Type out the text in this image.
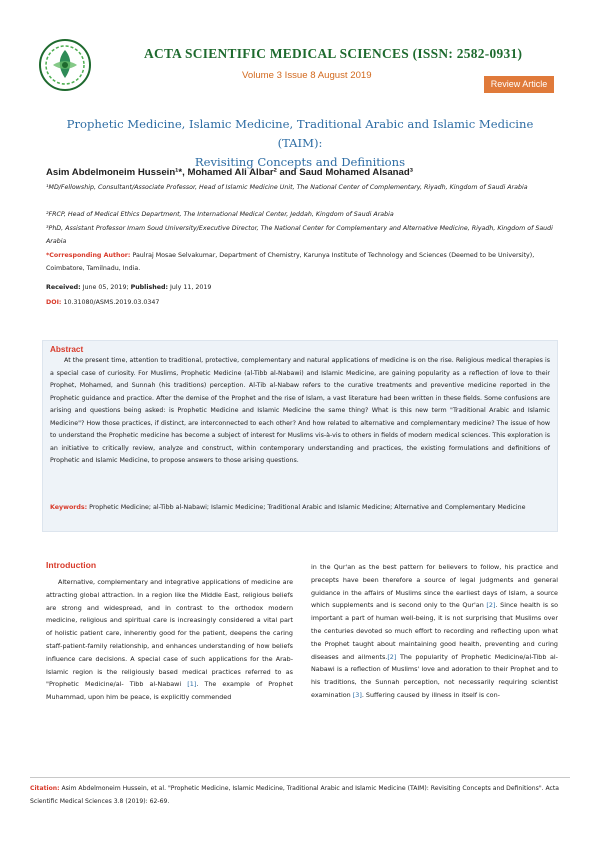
ACTA SCIENTIFIC MEDICAL SCIENCES (ISSN: 2582-0931)
Volume 3 Issue 8 August 2019
Review Article
Prophetic Medicine, Islamic Medicine, Traditional Arabic and Islamic Medicine (TAIM):
Revisiting Concepts and Definitions
Asim Abdelmoneim Hussein¹*, Mohamed Ali Albar² and Saud Mohamed Alsanad³
¹MD/Fellowship, Consultant/Associate Professor, Head of Islamic Medicine Unit, The National Center of Complementary, Riyadh, Kingdom of Saudi Arabia
²FRCP, Head of Medical Ethics Department, The International Medical Center, Jeddah, Kingdom of Saudi Arabia
³PhD, Assistant Professor Imam Soud University/Executive Director, The National Center for Complementary and Alternative Medicine, Riyadh, Kingdom of Saudi Arabia
*Corresponding Author: Paulraj Mosae Selvakumar, Department of Chemistry, Karunya Institute of Technology and Sciences (Deemed to be University), Coimbatore, Tamilnadu, India.
Received: June 05, 2019; Published: July 11, 2019
DOI: 10.31080/ASMS.2019.03.0347
Abstract
At the present time, attention to traditional, protective, complementary and natural applications of medicine is on the rise. Religious medical therapies is a special case of curiosity. For Muslims, Prophetic Medicine (al-Tibb al-Nabawi) and Islamic Medicine, are gaining popularity as a reflection of love to their Prophet, Mohamed, and Sunnah (his traditions) perception. Al-Tib al-Nabaw refers to the curative treatments and preventive medicine reported in the Prophetic guidance and practice. After the demise of the Prophet and the rise of Islam, a vast literature had been written in these fields. Some confusions are arising and questions being asked: is Prophetic Medicine and Islamic Medicine the same thing? What is this new term "Traditional Arabic and Islamic Medicine"? How those practices, if distinct, are interconnected to each other? And how related to alternative and complementary medicine? The issue of how to understand the Prophetic medicine has become a subject of interest for Muslims vis-à-vis to others in fields of modern medical sciences. This exploration is an initiative to critically review, analyze and construct, within contemporary understanding and practices, the existing formulations and definitions of Prophetic and Islamic Medicine, to propose answers to those arising questions.
Keywords: Prophetic Medicine; al-Tibb al-Nabawi; Islamic Medicine; Traditional Arabic and Islamic Medicine; Alternative and Complementary Medicine
Introduction
Alternative, complementary and integrative applications of medicine are attracting global attraction. In a region like the Middle East, religious beliefs are strong and widespread, and in contrast to the orthodox modern medicine, religious and spiritual care is increasingly considered a vital part of holistic patient care, inherently good for the patient, deepens the caring staff-patient-family relationship, and enhances understanding of how beliefs influence care decisions. A special case of such applications for the Arab-Islamic region is the religiously based medical practices referred to as "Prophetic Medicine/al- Tibb al-Nabawi [1]. The example of Prophet Muhammad, upon him be peace, is explicitly commended
in the Qur'an as the best pattern for believers to follow, his practice and precepts have been therefore a source of legal judgments and general guidance in the affairs of Muslims since the earliest days of Islam, a source which supplements and is second only to the Qur'an [2]. Since health is so important a part of human well-being, it is not surprising that Muslims over the centuries devoted so much effort to recording and reflecting upon what the Prophet taught about maintaining good health, preventing and curing diseases and ailments.[2] The popularity of Prophetic Medicine/al-Tibb al-Nabawi is a reflection of Muslims' love and adoration to their Prophet and to his traditions, the Sunnah perception, not necessarily requiring scientist examination [3]. Suffering caused by illness in itself is con-
Citation: Asim Abdelmoneim Hussein, et al. "Prophetic Medicine, Islamic Medicine, Traditional Arabic and Islamic Medicine (TAIM): Revisiting Concepts and Definitions". Acta Scientific Medical Sciences 3.8 (2019): 62-69.
